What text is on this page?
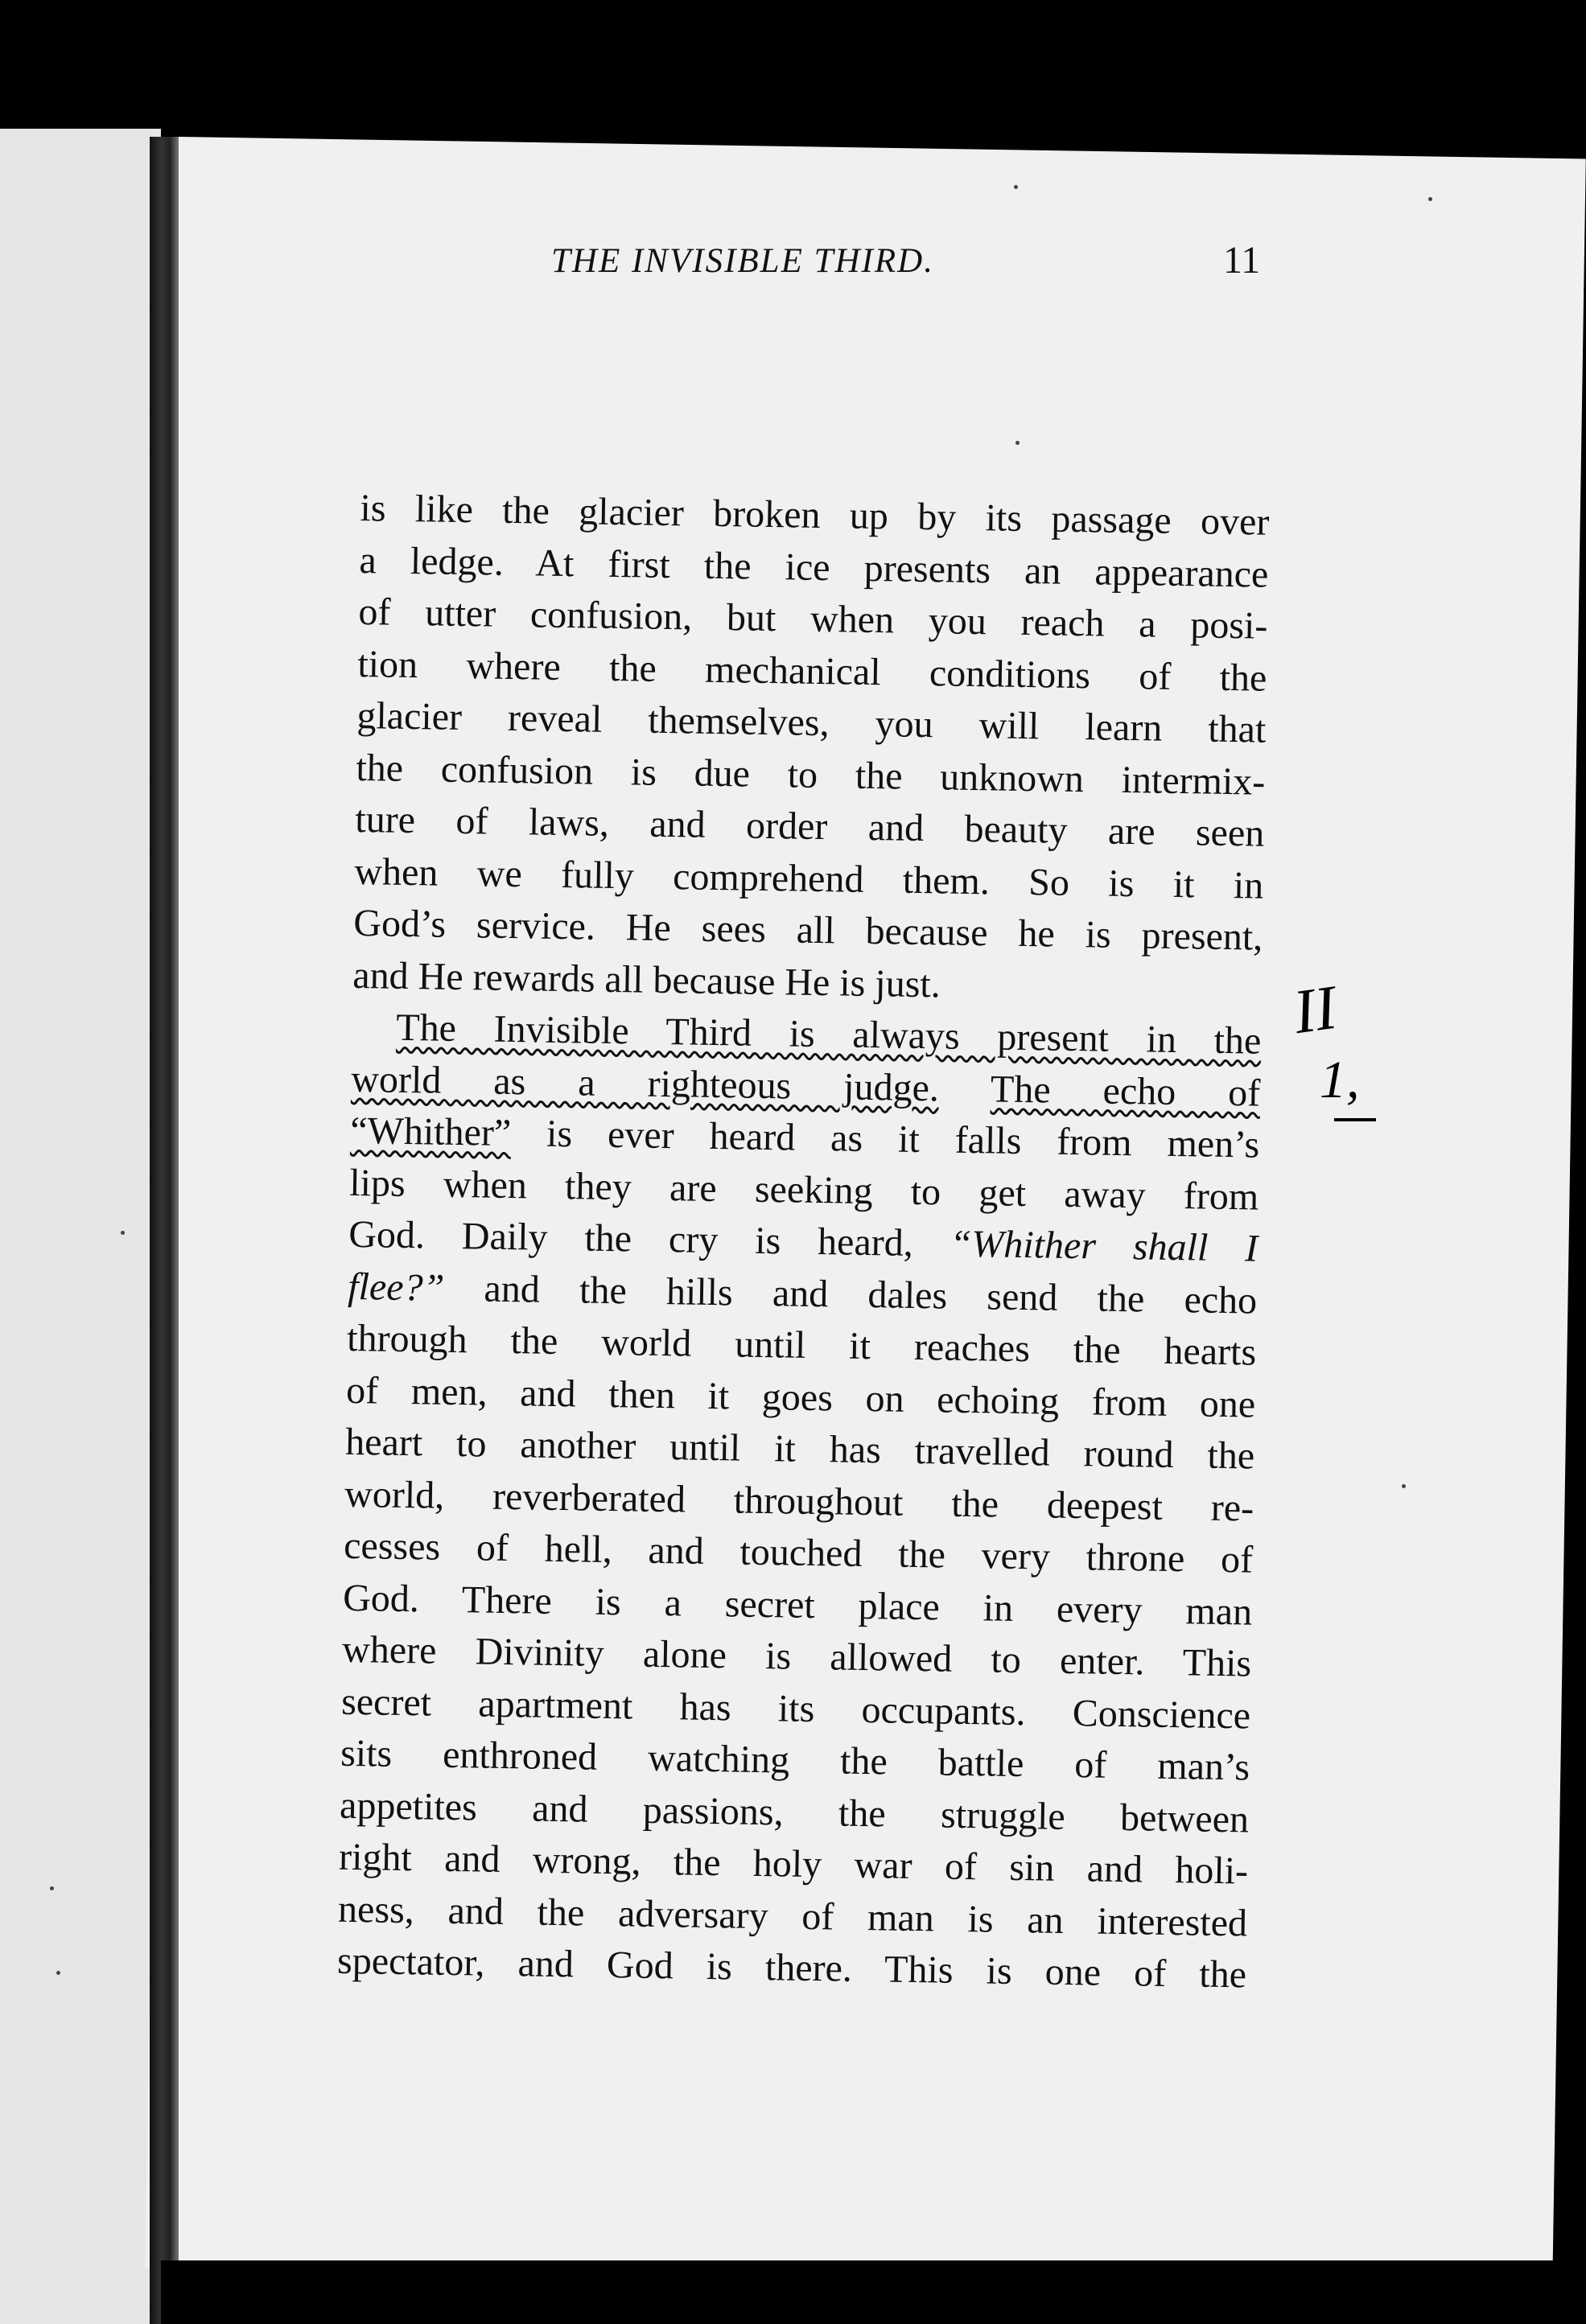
THE INVISIBLE THIRD.	11
is like the glacier broken up by its passage over
a ledge. At first the ice presents an appearance
of utter confusion, but when you reach a posi-
tion where the mechanical conditions of the
glacier reveal themselves, you will learn that
the confusion is due to the unknown intermix-
ture of laws, and order and beauty are seen
when we fully comprehend them. So is it in
God’s service. He sees all because he is present,
and He rewards all because He is just.
The Invisible Third is always present in the
world as a righteous judge. The echo of
“Whither” is ever heard as it falls from men’s
lips when they are seeking to get away from
God. Daily the cry is heard, “Whither shall I
flee?” and the hills and dales send the echo
through the world until it reaches the hearts
of men, and then it goes on echoing from one
heart to another until it has travelled round the
world, reverberated throughout the deepest re-
cesses of hell, and touched the very throne of
God. There is a secret place in every man
where Divinity alone is allowed to enter. This
secret apartment has its occupants. Conscience
sits enthroned watching the battle of man’s
appetites and passions, the struggle between
right and wrong, the holy war of sin and holi-
ness, and the adversary of man is an interested
spectator, and God is there. This is one of the
II
1,
